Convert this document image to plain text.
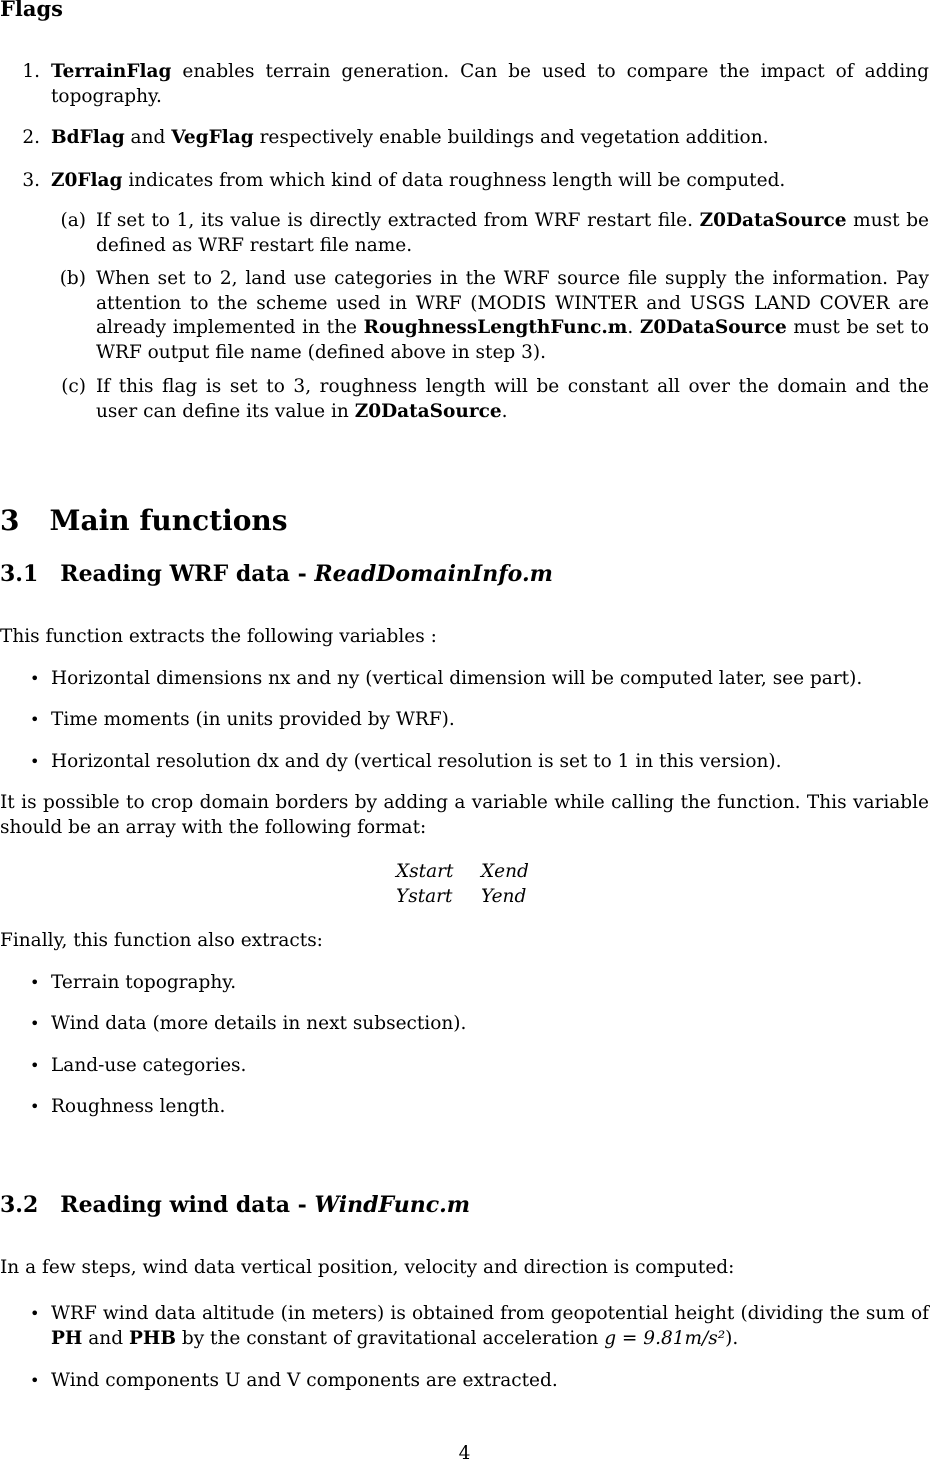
Flags
1. TerrainFlag enables terrain generation. Can be used to compare the impact of adding topography.
2. BdFlag and VegFlag respectively enable buildings and vegetation addition.
3. Z0Flag indicates from which kind of data roughness length will be computed.
(a) If set to 1, its value is directly extracted from WRF restart file. Z0DataSource must be defined as WRF restart file name.
(b) When set to 2, land use categories in the WRF source file supply the information. Pay attention to the scheme used in WRF (MODIS WINTER and USGS LAND COVER are already implemented in the RoughnessLengthFunc.m. Z0DataSource must be set to WRF output file name (defined above in step 3).
(c) If this flag is set to 3, roughness length will be constant all over the domain and the user can define its value in Z0DataSource.
3 Main functions
3.1 Reading WRF data - ReadDomainInfo.m
This function extracts the following variables :
• Horizontal dimensions nx and ny (vertical dimension will be computed later, see part).
• Time moments (in units provided by WRF).
• Horizontal resolution dx and dy (vertical resolution is set to 1 in this version).
It is possible to crop domain borders by adding a variable while calling the function. This variable should be an array with the following format:
Xstart Xend
Ystart Yend
Finally, this function also extracts:
• Terrain topography.
• Wind data (more details in next subsection).
• Land-use categories.
• Roughness length.
3.2 Reading wind data - WindFunc.m
In a few steps, wind data vertical position, velocity and direction is computed:
• WRF wind data altitude (in meters) is obtained from geopotential height (dividing the sum of PH and PHB by the constant of gravitational acceleration g = 9.81m/s²).
• Wind components U and V components are extracted.
4
